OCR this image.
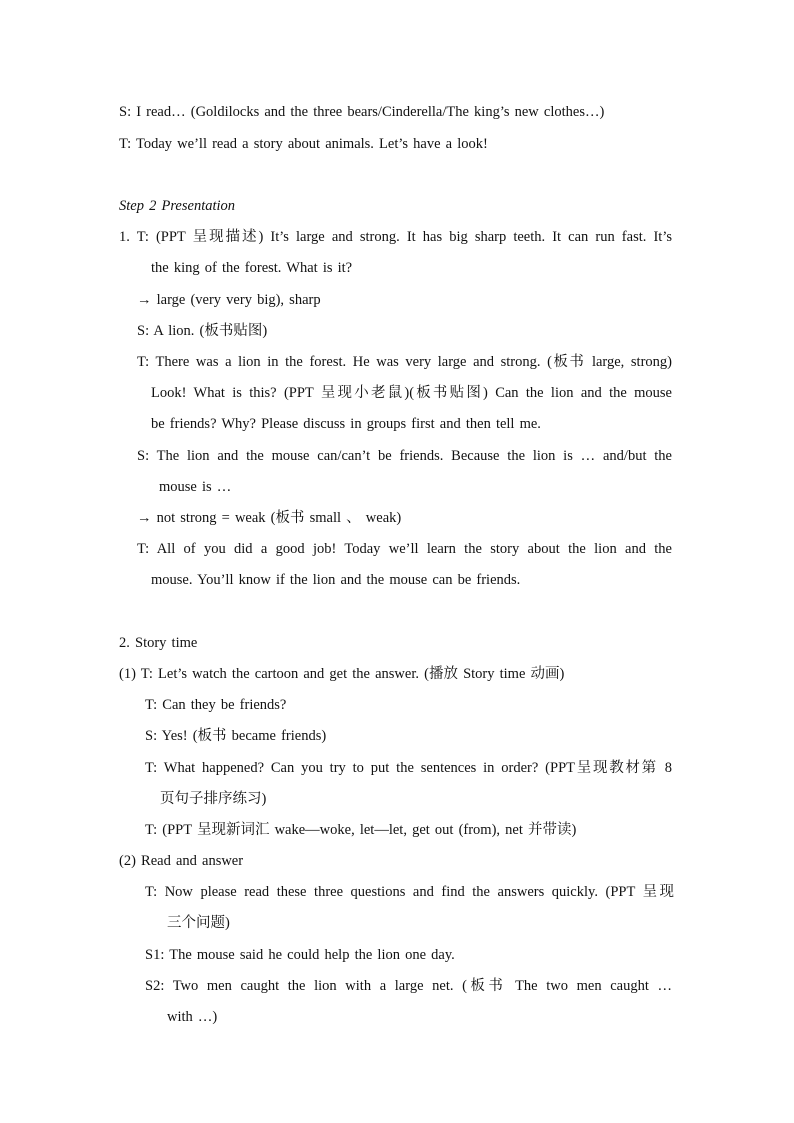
S: I read… (Goldilocks and the three bears/Cinderella/The king’s new clothes…)
T: Today we’ll read a story about animals. Let’s have a look!
Step 2 Presentation
1. T: (PPT 呈现描述) It’s large and strong. It has big sharp teeth. It can run fast. It’s
the king of the forest. What is it?
→ large (very very big), sharp
S: A lion. (板书贴图)
T: There was a lion in the forest. He was very large and strong. (板书 large, strong)
Look! What is this? (PPT 呈现小老鼠)(板书贴图) Can the lion and the mouse
be friends? Why? Please discuss in groups first and then tell me.
S: The lion and the mouse can/can’t be friends. Because the lion is … and/but the
mouse is …
→ not strong = weak (板书 small 、 weak)
T: All of you did a good job! Today we’ll learn the story about the lion and the
mouse. You’ll know if the lion and the mouse can be friends.
2. Story time
(1) T: Let’s watch the cartoon and get the answer. (播放 Story time 动画)
T: Can they be friends?
S: Yes! (板书 became friends)
T: What happened? Can you try to put the sentences in order? (PPT呈现教材第 8
页句子排序练习)
T: (PPT 呈现新词汇 wake—woke, let—let, get out (from), net 并带读)
(2) Read and answer
T: Now please read these three questions and find the answers quickly. (PPT 呈现
三个问题)
S1: The mouse said he could help the lion one day.
S2: Two men caught the lion with a large net. (板书 The two men caught …
with …)
